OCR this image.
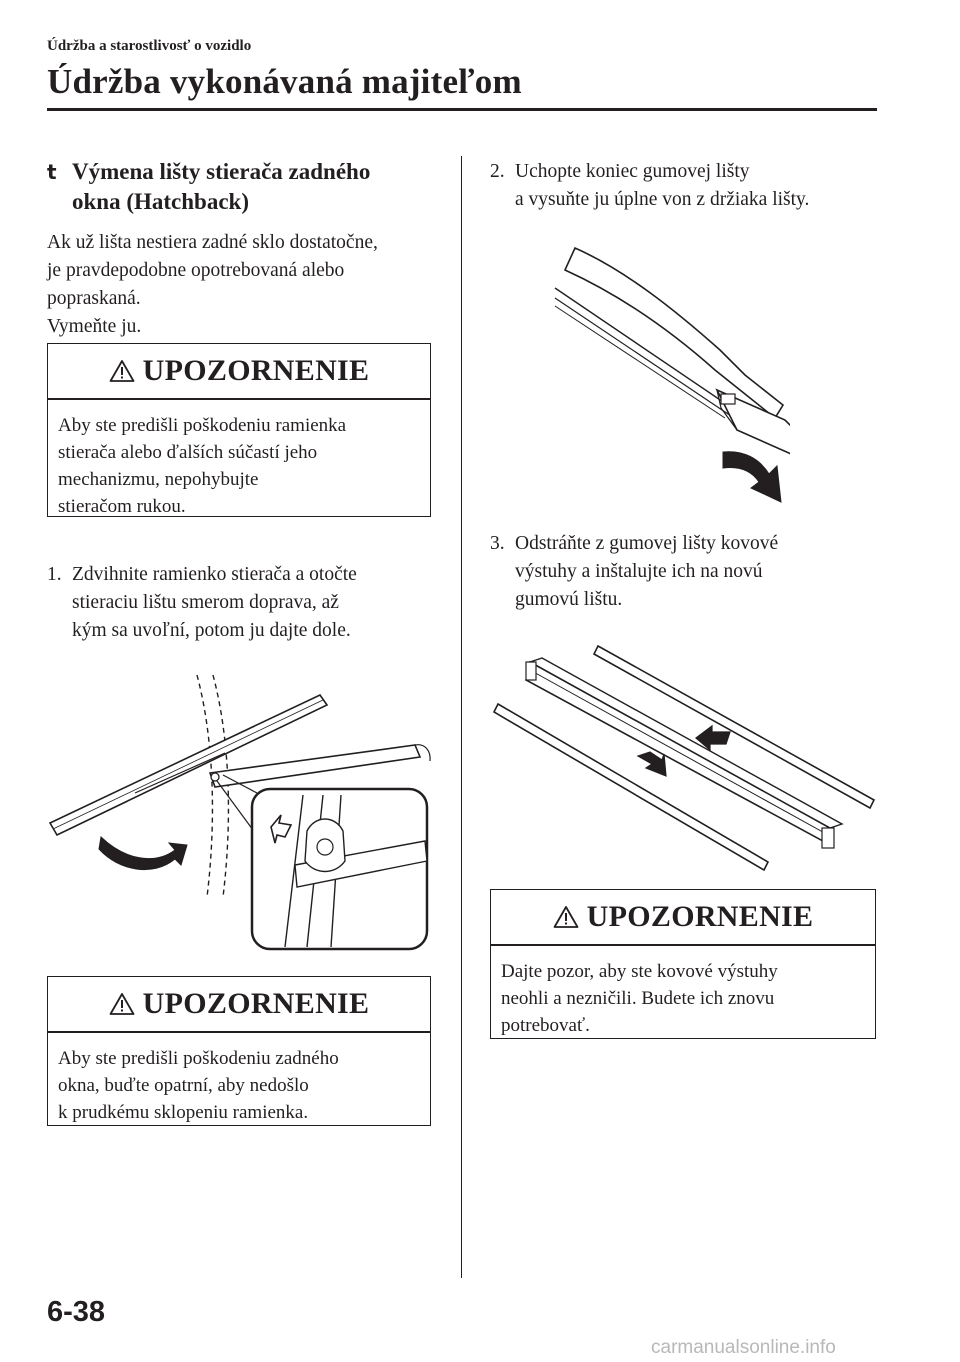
Údržba a starostlivosť o vozidlo
Údržba vykonávaná majiteľom
t Výmena lišty stierača zadného
okna (Hatchback)
Ak už lišta nestiera zadné sklo dostatočne,
je pravdepodobne opotrebovaná alebo
popraskaná.
Vymeňte ju.
UPOZORNENIE
Aby ste predišli poškodeniu ramienka
stierača alebo ďalších súčastí jeho
mechanizmu, nepohybujte
stieračom rukou.
1. Zdvihnite ramienko stierača a otočte
stieraciu lištu smerom doprava, až
kým sa uvoľní, potom ju dajte dole.
UPOZORNENIE
Aby ste predišli poškodeniu zadného
okna, buďte opatrní, aby nedošlo
k prudkému sklopeniu ramienka.
2. Uchopte koniec gumovej lišty
a vysuňte ju úplne von z držiaka lišty.
3. Odstráňte z gumovej lišty kovové
výstuhy a inštalujte ich na novú
gumovú lištu.
UPOZORNENIE
Dajte pozor, aby ste kovové výstuhy
neohli a nezničili. Budete ich znovu
potrebovať.
6-38
carmanualsonline.info
